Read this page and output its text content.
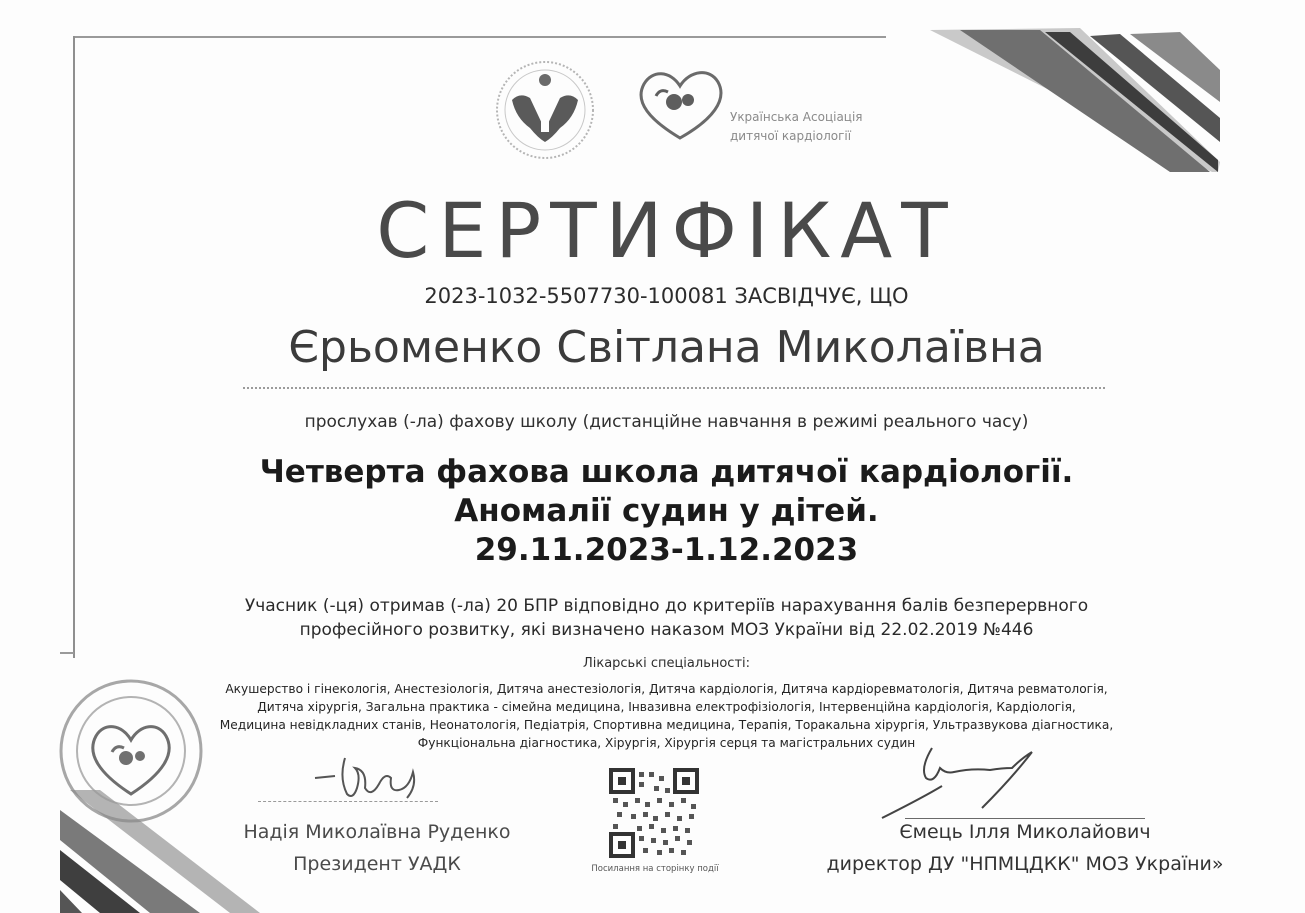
Українська Асоціація
дитячої кардіології
СЕРТИФІКАТ
2023-1032-5507730-100081 ЗАСВІДЧУЄ, ЩО
Єрьоменко Світлана Миколаївна
прослухав (-ла) фахову школу (дистанційне навчання в режимі реального часу)
Четверта фахова школа дитячої кардіології.
Аномалії судин у дітей.
29.11.2023-1.12.2023
Учасник (-ця) отримав (-ла) 20 БПР відповідно до критеріїв нарахування балів безперервного
професійного розвитку, які визначено наказом МОЗ України від 22.02.2019 №446
Лікарські спеціальності:
Акушерство і гінекологія, Анестезіологія, Дитяча анестезіологія, Дитяча кардіологія, Дитяча кардіоревматологія, Дитяча ревматологія,
Дитяча хірургія, Загальна практика - сімейна медицина, Інвазивна електрофізіологія, Інтервенційна кардіологія, Кардіологія,
Медицина невідкладних станів, Неонатологія, Педіатрія, Спортивна медицина, Терапія, Торакальна хірургія, Ультразвукова діагностика,
Функціональна діагностика, Хірургія, Хірургія серця та магістральних судин
Надія Миколаївна Руденко
Президент УАДК
Ємець Ілля Миколайович
директор ДУ "НПМЦДКК" МОЗ України»
Посилання на сторінку події
